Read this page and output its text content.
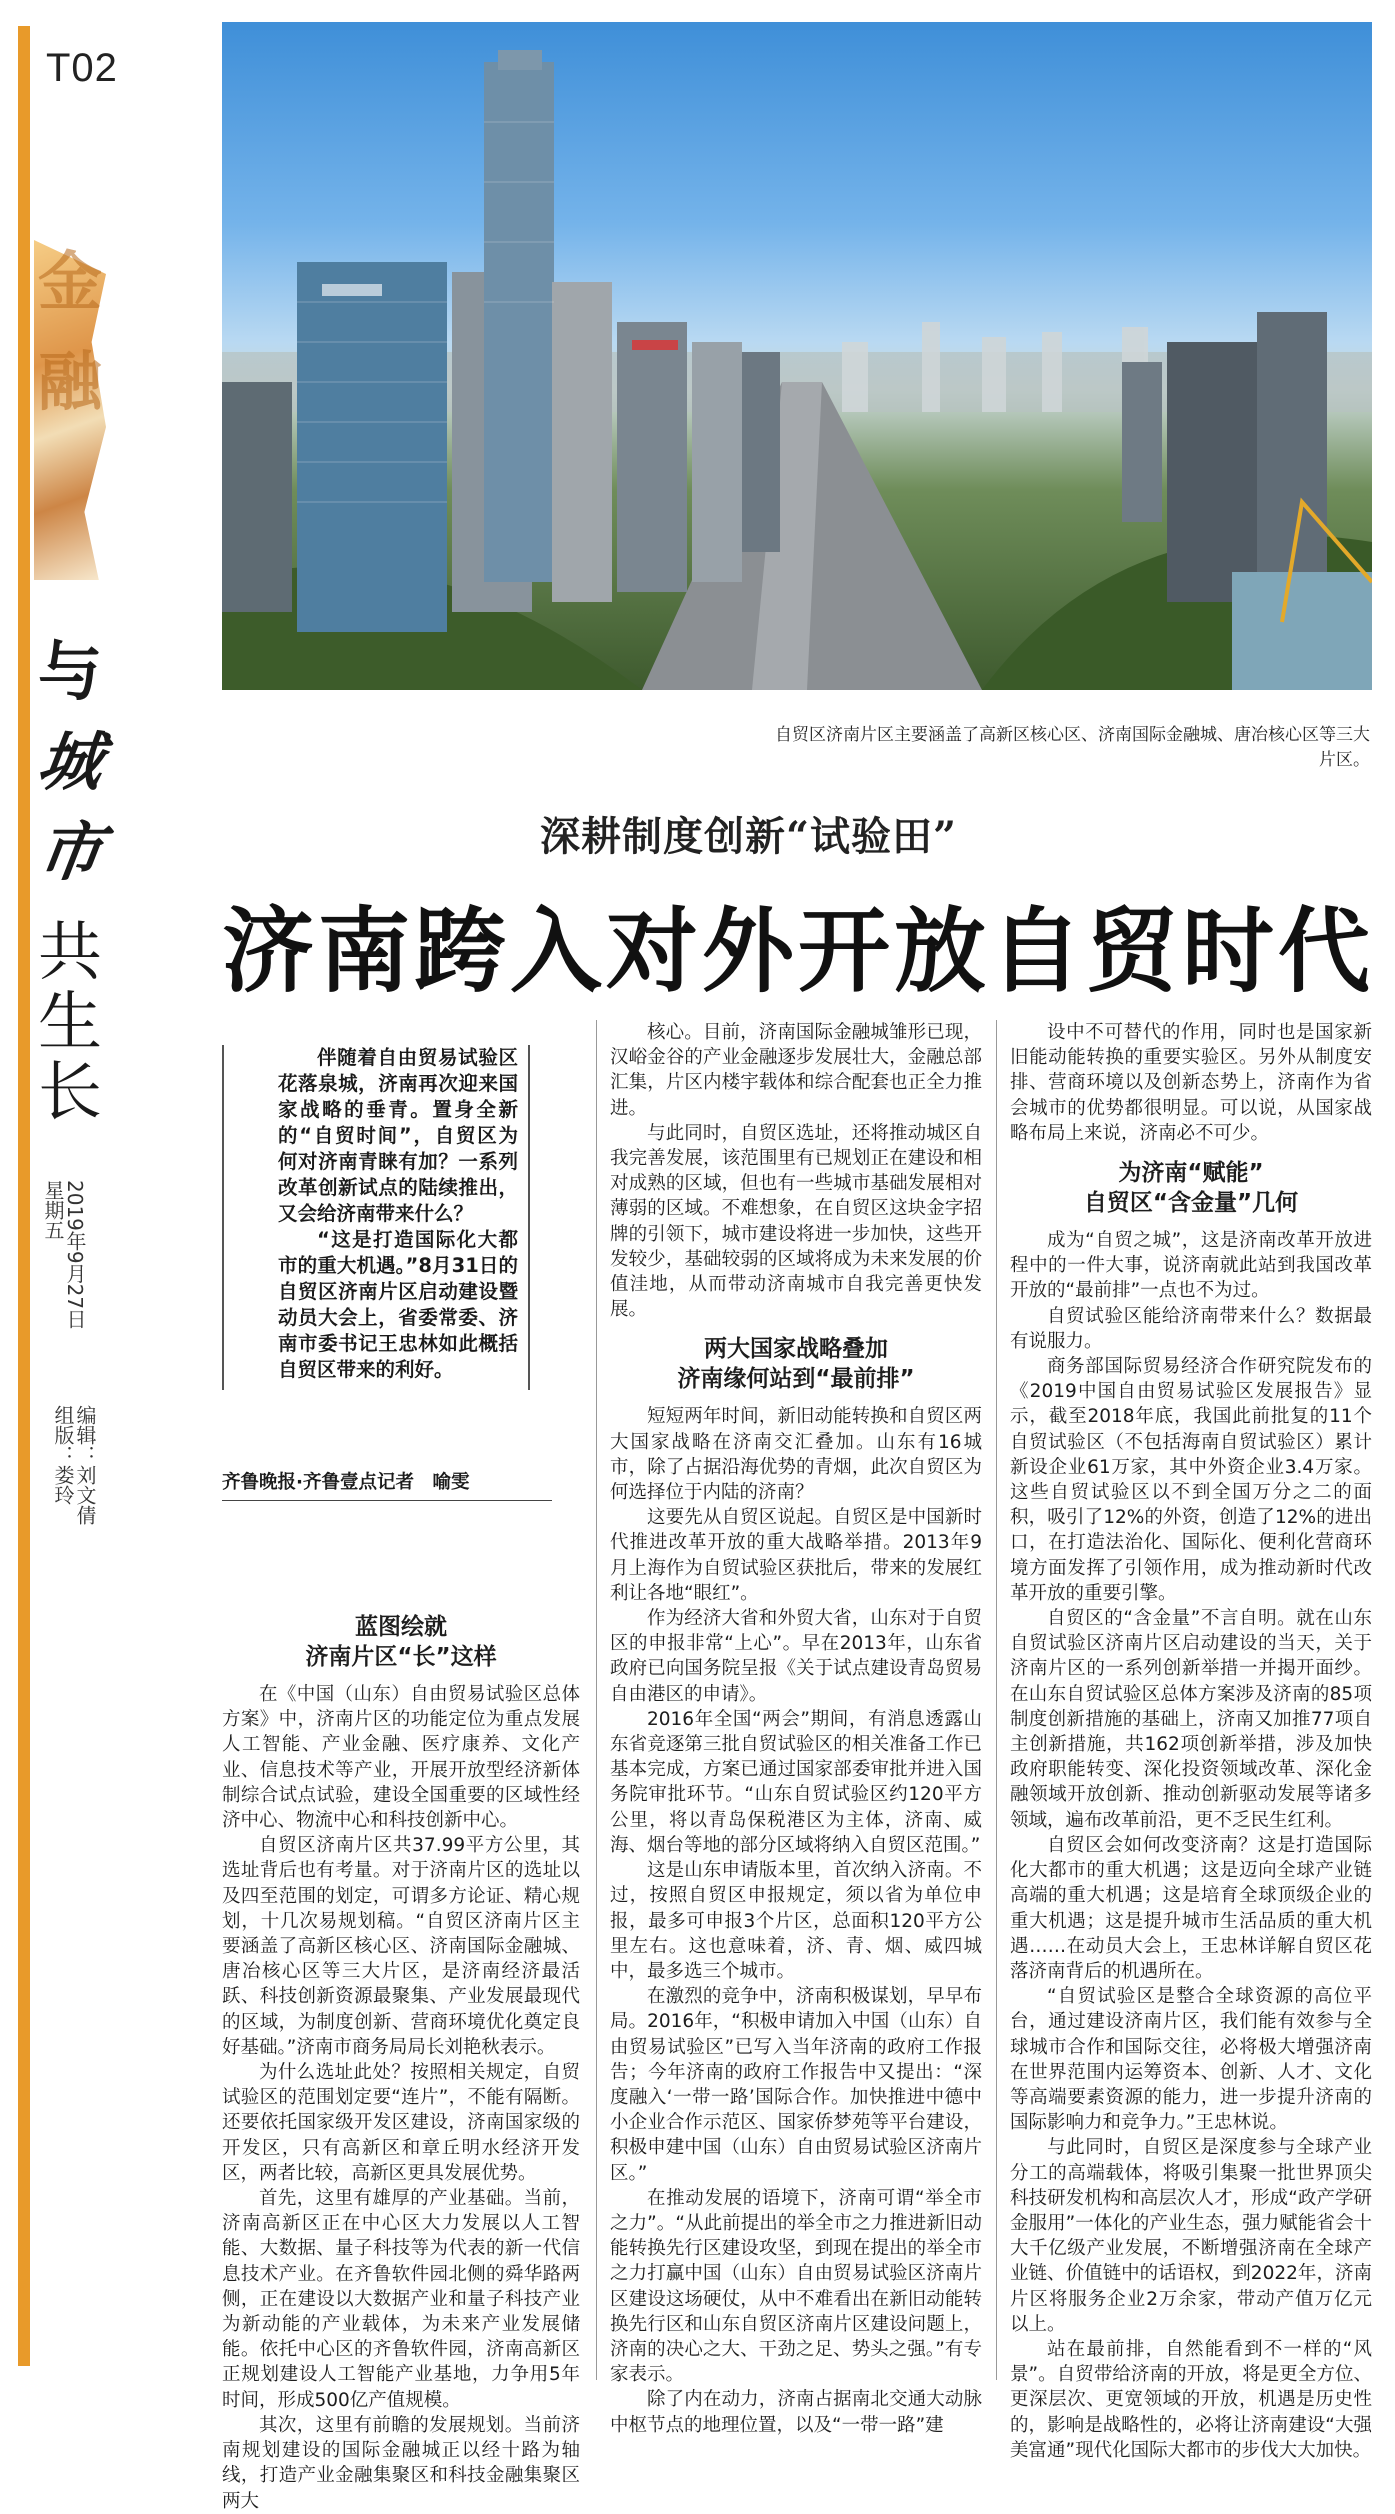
T02
金
融
与
城
市
共
生
长
2019年9月27日
星期五
编辑：刘文倩
组版：娄玲
自贸区济南片区主要涵盖了高新区核心区、济南国际金融城、唐冶核心区等三大片区。
深耕制度创新“试验田”
济南跨入对外开放自贸时代

伴随着自由贸易试验区花落泉城，济南再次迎来国家战略的垂青。置身全新的“自贸时间”，自贸区为何对济南青睐有加？一系列改革创新试点的陆续推出，又会给济南带来什么？

“这是打造国际化大都市的重大机遇。”8月31日的自贸区济南片区启动建设暨动员大会上，省委常委、济南市委书记王忠林如此概括自贸区带来的利好。

齐鲁晚报·齐鲁壹点记者　喻雯
蓝图绘就
济南片区“长”这样

在《中国（山东）自由贸易试验区总体方案》中，济南片区的功能定位为重点发展人工智能、产业金融、医疗康养、文化产业、信息技术等产业，开展开放型经济新体制综合试点试验，建设全国重要的区域性经济中心、物流中心和科技创新中心。

自贸区济南片区共37.99平方公里，其选址背后也有考量。对于济南片区的选址以及四至范围的划定，可谓多方论证、精心规划，十几次易规划稿。“自贸区济南片区主要涵盖了高新区核心区、济南国际金融城、唐冶核心区等三大片区，是济南经济最活跃、科技创新资源最聚集、产业发展最现代的区域，为制度创新、营商环境优化奠定良好基础。”济南市商务局局长刘艳秋表示。

为什么选址此处？按照相关规定，自贸试验区的范围划定要“连片”，不能有隔断。还要依托国家级开发区建设，济南国家级的开发区，只有高新区和章丘明水经济开发区，两者比较，高新区更具发展优势。

首先，这里有雄厚的产业基础。当前，济南高新区正在中心区大力发展以人工智能、大数据、量子科技等为代表的新一代信息技术产业。在齐鲁软件园北侧的舜华路两侧，正在建设以大数据产业和量子科技产业为新动能的产业载体，为未来产业发展储能。依托中心区的齐鲁软件园，济南高新区正规划建设人工智能产业基地，力争用5年时间，形成500亿产值规模。

其次，这里有前瞻的发展规划。当前济南规划建设的国际金融城正以经十路为轴线，打造产业金融集聚区和科技金融集聚区两大

核心。目前，济南国际金融城雏形已现，汉峪金谷的产业金融逐步发展壮大，金融总部汇集，片区内楼宇载体和综合配套也正全力推进。

与此同时，自贸区选址，还将推动城区自我完善发展，该范围里有已规划正在建设和相对成熟的区域，但也有一些城市基础发展相对薄弱的区域。不难想象，在自贸区这块金字招牌的引领下，城市建设将进一步加快，这些开发较少，基础较弱的区域将成为未来发展的价值洼地，从而带动济南城市自我完善更快发展。

两大国家战略叠加
济南缘何站到“最前排”

短短两年时间，新旧动能转换和自贸区两大国家战略在济南交汇叠加。山东有16城市，除了占据沿海优势的青烟，此次自贸区为何选择位于内陆的济南？

这要先从自贸区说起。自贸区是中国新时代推进改革开放的重大战略举措。2013年9月上海作为自贸试验区获批后，带来的发展红利让各地“眼红”。

作为经济大省和外贸大省，山东对于自贸区的申报非常“上心”。早在2013年，山东省政府已向国务院呈报《关于试点建设青岛贸易自由港区的申请》。

2016年全国“两会”期间，有消息透露山东省竞逐第三批自贸试验区的相关准备工作已基本完成，方案已通过国家部委审批并进入国务院审批环节。“山东自贸试验区约120平方公里，将以青岛保税港区为主体，济南、威海、烟台等地的部分区域将纳入自贸区范围。”

这是山东申请版本里，首次纳入济南。不过，按照自贸区申报规定，须以省为单位申报，最多可申报3个片区，总面积120平方公里左右。这也意味着，济、青、烟、威四城中，最多选三个城市。

在激烈的竞争中，济南积极谋划，早早布局。2016年，“积极申请加入中国（山东）自由贸易试验区”已写入当年济南的政府工作报告；今年济南的政府工作报告中又提出：“深度融入‘一带一路’国际合作。加快推进中德中小企业合作示范区、国家侨梦苑等平台建设，积极申建中国（山东）自由贸易试验区济南片区。”

在推动发展的语境下，济南可谓“举全市之力”。“从此前提出的举全市之力推进新旧动能转换先行区建设攻坚，到现在提出的举全市之力打赢中国（山东）自由贸易试验区济南片区建设这场硬仗，从中不难看出在新旧动能转换先行区和山东自贸区济南片区建设问题上，济南的决心之大、干劲之足、势头之强。”有专家表示。

除了内在动力，济南占据南北交通大动脉中枢节点的地理位置，以及“一带一路”建

设中不可替代的作用，同时也是国家新旧能动能转换的重要实验区。另外从制度安排、营商环境以及创新态势上，济南作为省会城市的优势都很明显。可以说，从国家战略布局上来说，济南必不可少。

为济南“赋能”
自贸区“含金量”几何

成为“自贸之城”，这是济南改革开放进程中的一件大事，说济南就此站到我国改革开放的“最前排”一点也不为过。

自贸试验区能给济南带来什么？数据最有说服力。

商务部国际贸易经济合作研究院发布的《2019中国自由贸易试验区发展报告》显示，截至2018年底，我国此前批复的11个自贸试验区（不包括海南自贸试验区）累计新设企业61万家，其中外资企业3.4万家。这些自贸试验区以不到全国万分之二的面积，吸引了12%的外资，创造了12%的进出口，在打造法治化、国际化、便利化营商环境方面发挥了引领作用，成为推动新时代改革开放的重要引擎。

自贸区的“含金量”不言自明。就在山东自贸试验区济南片区启动建设的当天，关于济南片区的一系列创新举措一并揭开面纱。在山东自贸试验区总体方案涉及济南的85项制度创新措施的基础上，济南又加推77项自主创新措施，共162项创新举措，涉及加快政府职能转变、深化投资领域改革、深化金融领域开放创新、推动创新驱动发展等诸多领域，遍布改革前沿，更不乏民生红利。

自贸区会如何改变济南？这是打造国际化大都市的重大机遇；这是迈向全球产业链高端的重大机遇；这是培育全球顶级企业的重大机遇；这是提升城市生活品质的重大机遇……在动员大会上，王忠林详解自贸区花落济南背后的机遇所在。

“自贸试验区是整合全球资源的高位平台，通过建设济南片区，我们能有效参与全球城市合作和国际交往，必将极大增强济南在世界范围内运筹资本、创新、人才、文化等高端要素资源的能力，进一步提升济南的国际影响力和竞争力。”王忠林说。

与此同时，自贸区是深度参与全球产业分工的高端载体，将吸引集聚一批世界顶尖科技研发机构和高层次人才，形成“政产学研金服用”一体化的产业生态，强力赋能省会十大千亿级产业发展，不断增强济南在全球产业链、价值链中的话语权，到2022年，济南片区将服务企业2万余家，带动产值万亿元以上。

站在最前排，自然能看到不一样的“风景”。自贸带给济南的开放，将是更全方位、更深层次、更宽领域的开放，机遇是历史性的，影响是战略性的，必将让济南建设“大强美富通”现代化国际大都市的步伐大大加快。
